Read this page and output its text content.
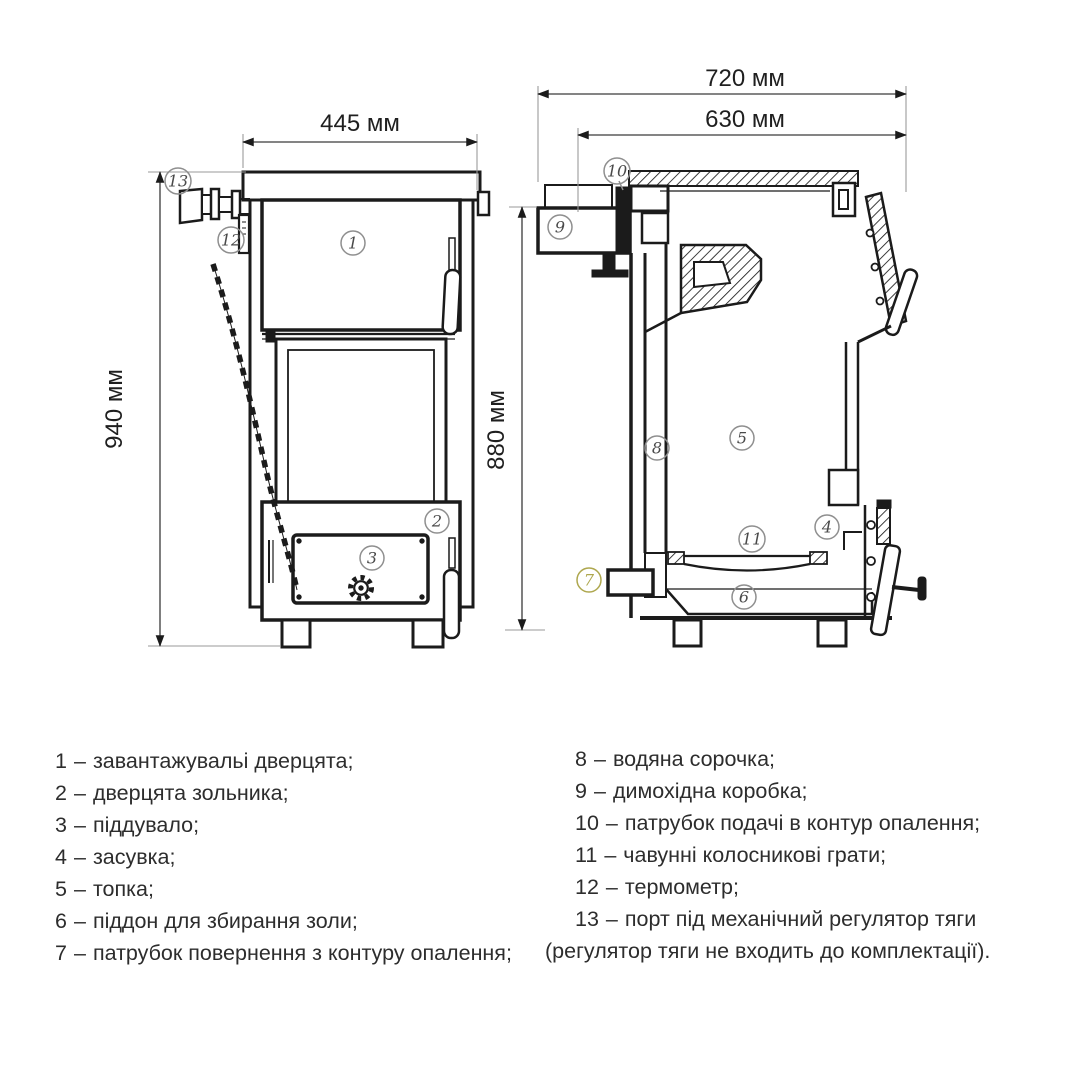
445 мм
940 мм
720 мм
630 мм
880 мм
13
12	1
2
3
10
9
8
5
11
4
7
6
1 – завантажувальі дверцята;
2 – дверцята зольника;
3 – піддувало;
4 – засувка;
5 – топка;
6 – піддон для збирання золи;
7 – патрубок повернення з контуру опалення;
8 – водяна сорочка;
9 – димохідна коробка;
10 – патрубок подачі в контур опалення;
11 – чавунні колосникові грати;
12 – термометр;
13 – порт під механічний регулятор тяги
(регулятор тяги не входить до комплектації).
